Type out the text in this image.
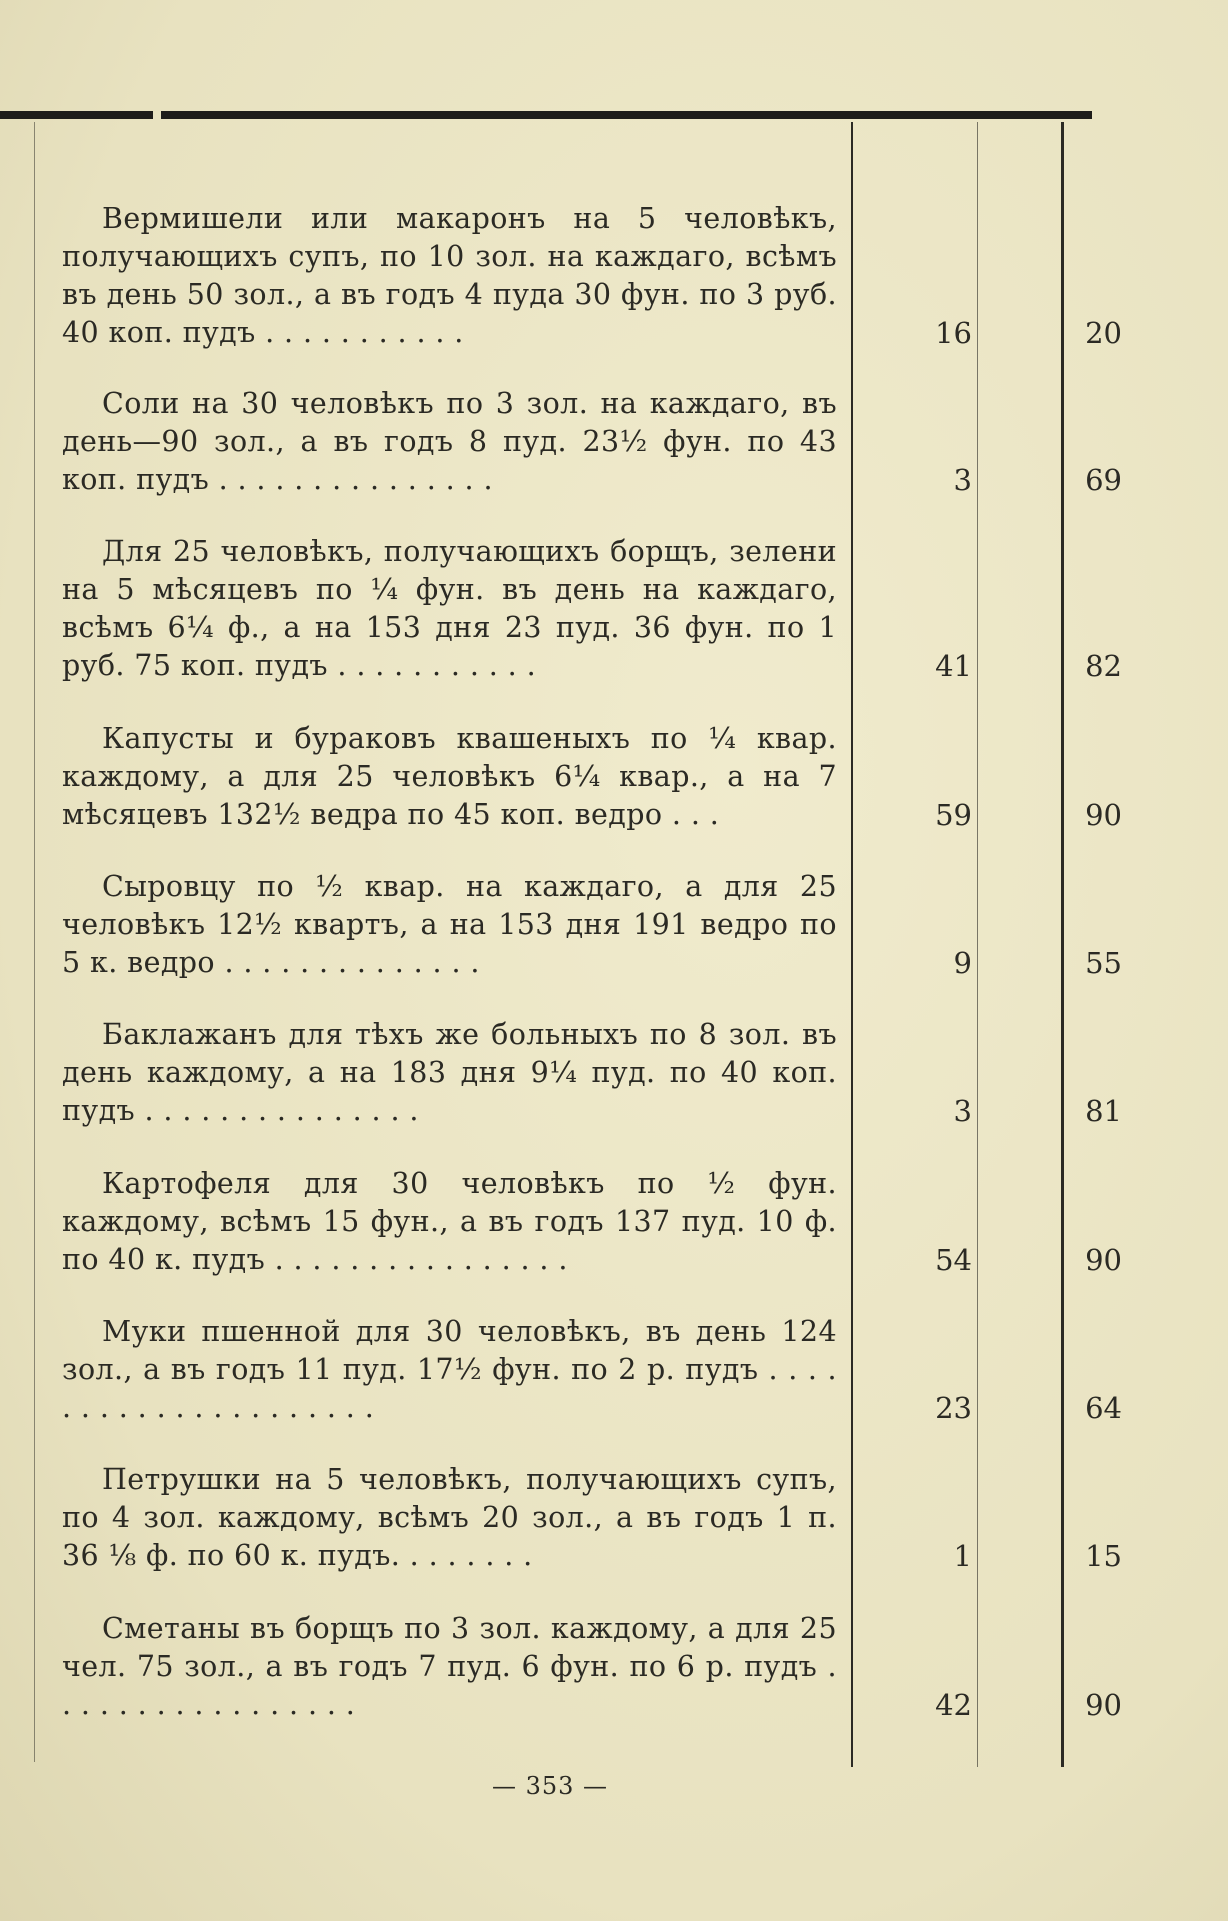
Вермишели или макаронъ на 5 человѣкъ, получающихъ супъ, по 10 зол. на каждаго, всѣмъ въ день 50 зол., а въ годъ 4 пуда 30 фун. по 3 руб. 40 коп. пудъ . . . . . . . . . . .	16	20
Соли на 30 человѣкъ по 3 зол. на каждаго, въ день—90 зол., а въ годъ 8 пуд. 23½ фун. по 43 коп. пудъ . . . . . . . . . . . . . . .	3	69
Для 25 человѣкъ, получающихъ борщъ, зелени на 5 мѣсяцевъ по ¼ фун. въ день на каждаго, всѣмъ 6¼ ф., а на 153 дня 23 пуд. 36 фун. по 1 руб. 75 коп. пудъ . . . . . . . . . . .	41	82
Капусты и бураковъ квашеныхъ по ¼ квар. каждому, а для 25 человѣкъ 6¼ квар., а на 7 мѣсяцевъ 132½ ведра по 45 коп. ведро . . .	59	90
Сыровцу по ½ квар. на каждаго, а для 25 человѣкъ 12½ квартъ, а на 153 дня 191 ведро по 5 к. ведро . . . . . . . . . . . . . .	9	55
Баклажанъ для тѣхъ же больныхъ по 8 зол. въ день каждому, а на 183 дня 9¼ пуд. по 40 коп. пудъ . . . . . . . . . . . . . . .	3	81
Картофеля для 30 человѣкъ по ½ фун. каждому, всѣмъ 15 фун., а въ годъ 137 пуд. 10 ф. по 40 к. пудъ . . . . . . . . . . . . . . . .	54	90
Муки пшенной для 30 человѣкъ, въ день 124 зол., а въ годъ 11 пуд. 17½ фун. по 2 р. пудъ . . . . . . . . . . . . . . . . . . . . .	23	64
Петрушки на 5 человѣкъ, получающихъ супъ, по 4 зол. каждому, всѣмъ 20 зол., а въ годъ 1 п. 36 ⅛ ф. по 60 к. пудъ. . . . . . . .	1	15
Сметаны въ борщъ по 3 зол. каждому, а для 25 чел. 75 зол., а въ годъ 7 пуд. 6 фун. по 6 р. пудъ . . . . . . . . . . . . . . . . .	42	90
— 353 —
